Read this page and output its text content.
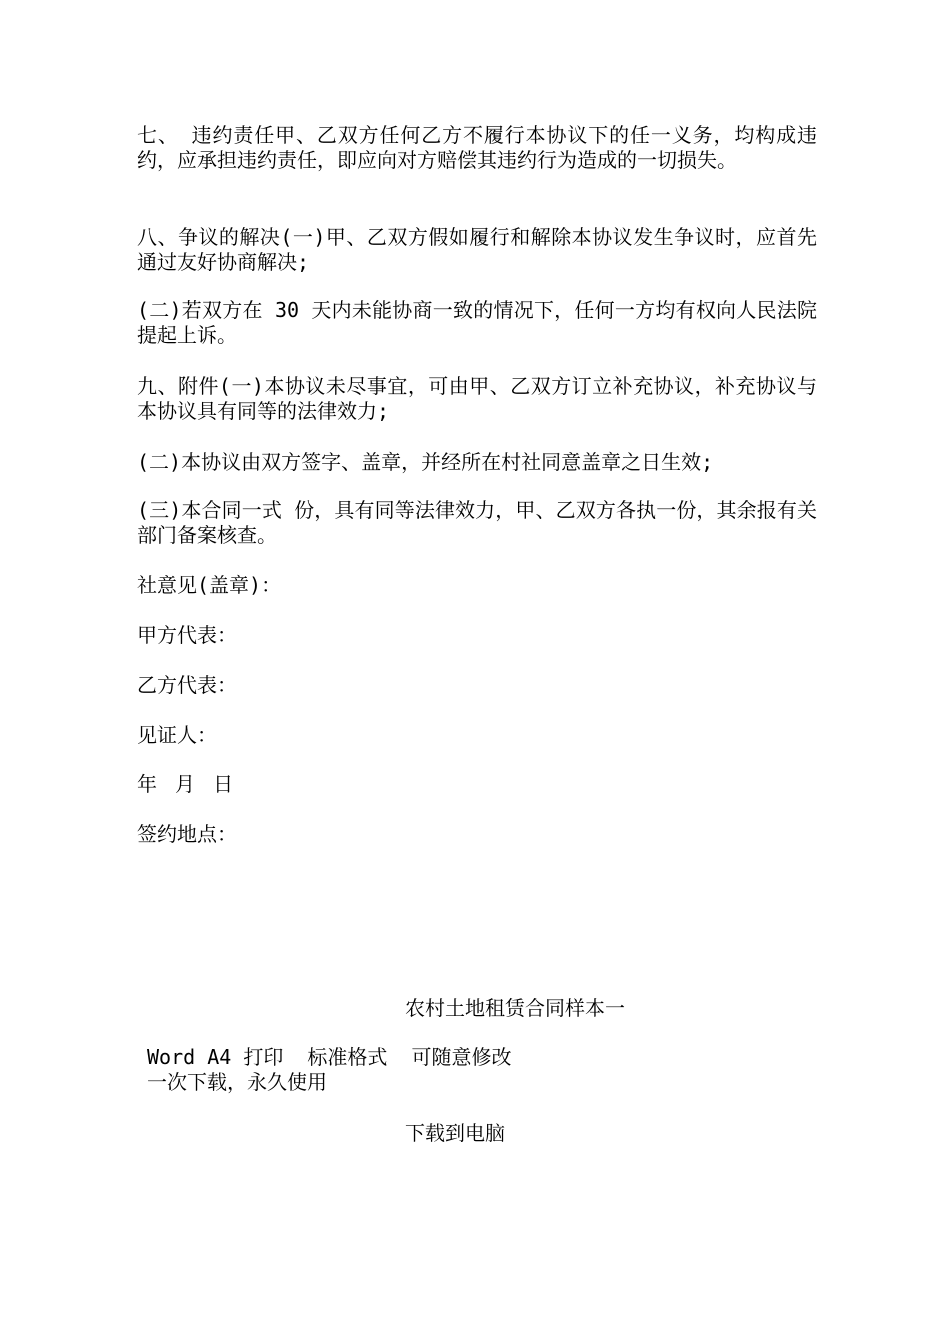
七、 违约责任甲、乙双方任何乙方不履行本协议下的任一义务，均构成违约，应承担违约责任，即应向对方赔偿其违约行为造成的一切损失。

八、争议的解决(一)甲、乙双方假如履行和解除本协议发生争议时，应首先通过友好协商解决;

(二)若双方在 30 天内未能协商一致的情况下，任何一方均有权向人民法院提起上诉。

九、附件(一)本协议未尽事宜，可由甲、乙双方订立补充协议，补充协议与本协议具有同等的法律效力;

(二)本协议由双方签字、盖章，并经所在村社同意盖章之日生效;

(三)本合同一式 份，具有同等法律效力，甲、乙双方各执一份，其余报有关部门备案核查。

社意见(盖章)：

甲方代表：

乙方代表：

见证人：

年 月 日

签约地点：

农村土地租赁合同样本一

Word A4 打印  标准格式  可随意修改

一次下载，永久使用

下载到电脑
